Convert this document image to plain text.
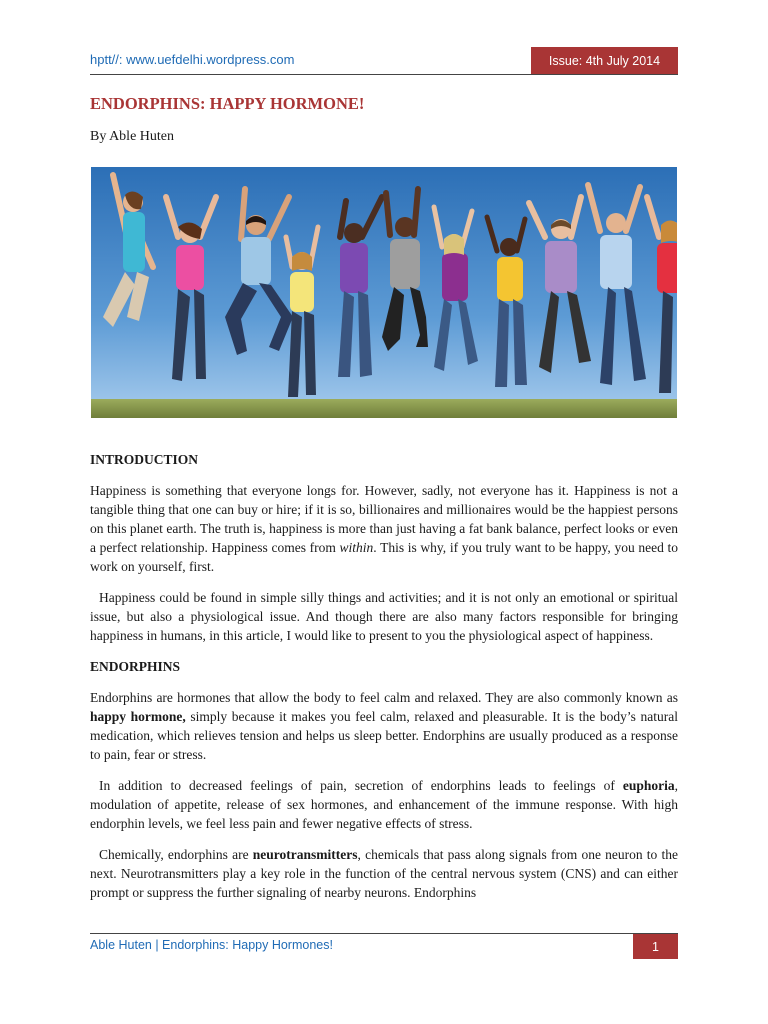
hptt//: www.uefdelhi.wordpress.com	Issue: 4th July 2014
ENDORPHINS: HAPPY HORMONE!
By Able Huten
INTRODUCTION

Happiness is something that everyone longs for. However, sadly, not everyone has it. Happiness is not a tangible thing that one can buy or hire; if it is so, billionaires and millionaires would be the happiest persons on this planet earth. The truth is, happiness is more than just having a fat bank balance, perfect looks or even a perfect relationship. Happiness comes from within. This is why, if you truly want to be happy, you need to work on yourself, first.

Happiness could be found in simple silly things and activities; and it is not only an emotional or spiritual issue, but also a physiological issue. And though there are also many factors responsible for bringing happiness in humans, in this article, I would like to present to you the physiological aspect of happiness.

ENDORPHINS

Endorphins are hormones that allow the body to feel calm and relaxed. They are also commonly known as happy hormone, simply because it makes you feel calm, relaxed and pleasurable. It is the body’s natural medication, which relieves tension and helps us sleep better. Endorphins are usually produced as a response to pain, fear or stress.

In addition to decreased feelings of pain, secretion of endorphins leads to feelings of euphoria, modulation of appetite, release of sex hormones, and enhancement of the immune response. With high endorphin levels, we feel less pain and fewer negative effects of stress.

Chemically, endorphins are neurotransmitters, chemicals that pass along signals from one neuron to the next. Neurotransmitters play a key role in the function of the central nervous system (CNS) and can either prompt or suppress the further signaling of nearby neurons. Endorphins

Able Huten | Endorphins: Happy Hormones!	1
